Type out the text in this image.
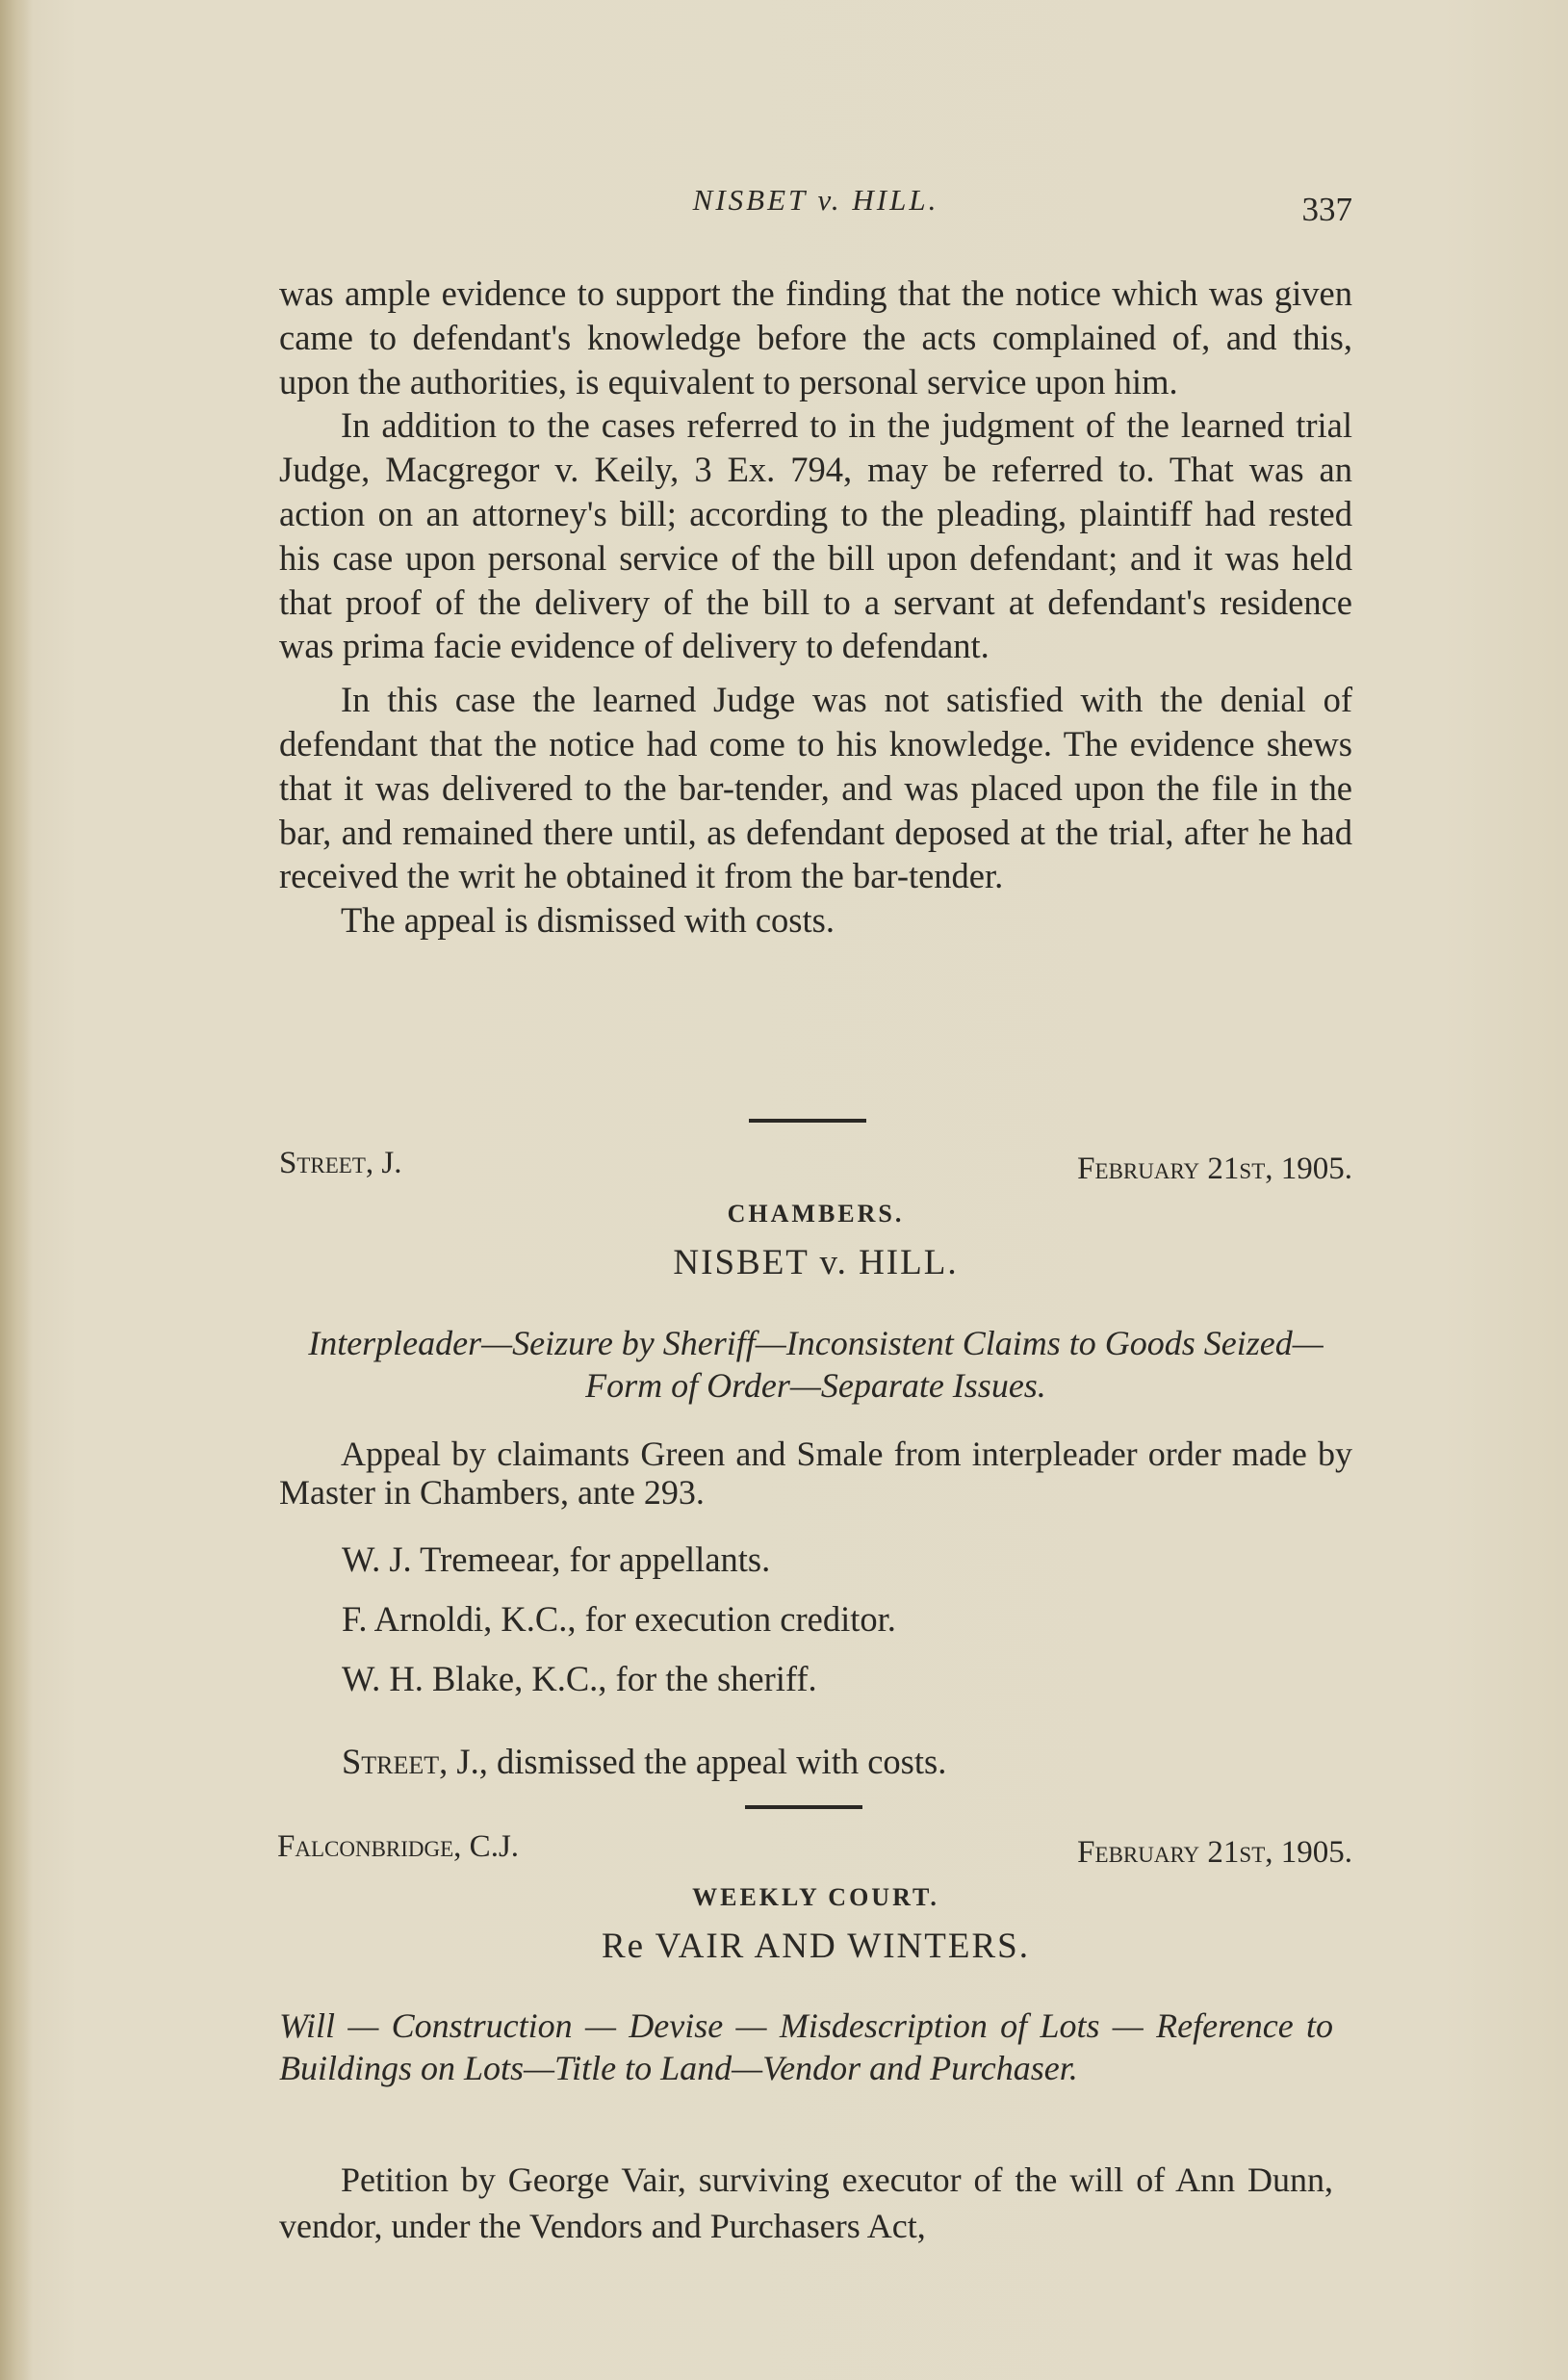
NISBET v. HILL.	337

was ample evidence to support the finding that the notice which was given came to defendant's knowledge before the acts complained of, and this, upon the authorities, is equivalent to personal service upon him.

In addition to the cases referred to in the judgment of the learned trial Judge, Macgregor v. Keily, 3 Ex. 794, may be referred to. That was an action on an attorney's bill; according to the pleading, plaintiff had rested his case upon personal service of the bill upon defendant; and it was held that proof of the delivery of the bill to a servant at defendant's residence was prima facie evidence of delivery to defendant.

In this case the learned Judge was not satisfied with the denial of defendant that the notice had come to his knowledge. The evidence shews that it was delivered to the bar-tender, and was placed upon the file in the bar, and remained there until, as defendant deposed at the trial, after he had received the writ he obtained it from the bar-tender.

The appeal is dismissed with costs.

Street, J.	February 21st, 1905.
CHAMBERS.
NISBET v. HILL.
Interpleader—Seizure by Sheriff—Inconsistent Claims to Goods Seized—Form of Order—Separate Issues.

Appeal by claimants Green and Smale from interpleader order made by Master in Chambers, ante 293.

W. J. Tremeear, for appellants.
F. Arnoldi, K.C., for execution creditor.
W. H. Blake, K.C., for the sheriff.
Street, J., dismissed the appeal with costs.
Falconbridge, C.J.	February 21st, 1905.
WEEKLY COURT.
Re VAIR AND WINTERS.
Will — Construction — Devise — Misdescription of Lots — Reference to Buildings on Lots—Title to Land—Vendor and Purchaser.

Petition by George Vair, surviving executor of the will of Ann Dunn, vendor, under the Vendors and Purchasers Act,
